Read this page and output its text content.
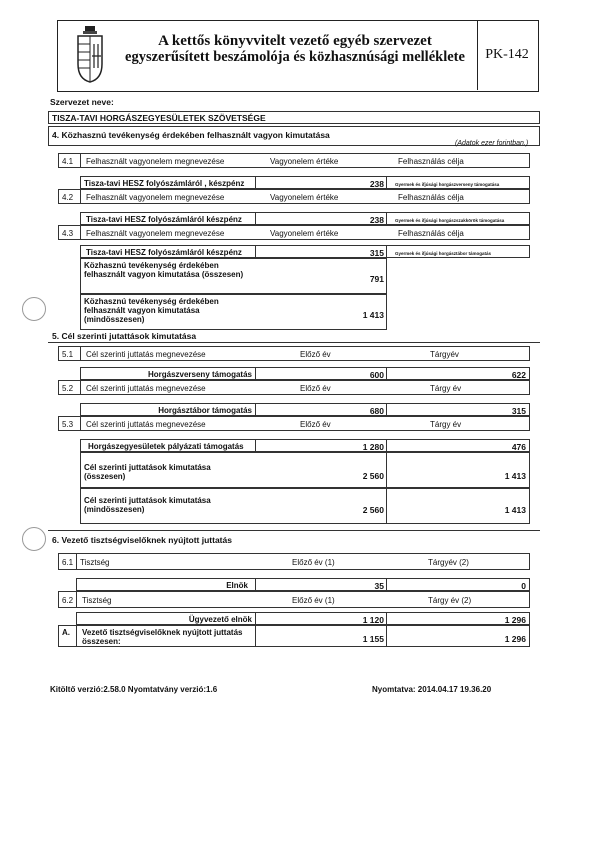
A kettős könyvvitelt vezető egyéb szervezet
egyszerűsített beszámolója és közhasznúsági melléklete	PK-142
Szervezet neve:
TISZA-TAVI HORGÁSZEGYESÜLETEK SZÖVETSÉGE
4. Közhasznú tevékenység érdekében felhasznált vagyon kimutatása
(Adatok ezer forintban.)
4.1 Felhasznált vagyonelem megnevezése	Vagyonelem értéke	Felhasználás célja
Tisza-tavi HESZ folyószámláról , készpénz	238 Gyermek és ifjúsági horgászverseny támogatása
4.2 Felhasznált vagyonelem megnevezése	Vagyonelem értéke	Felhasználás célja
Tisza-tavi HESZ folyószámláról készpénz	238 Gyermek és ifjúsági horgászszakkörök támogatása
4.3 Felhasznált vagyonelem megnevezése	Vagyonelem értéke	Felhasználás célja
Tisza-tavi HESZ folyószámláról készpénz	315 Gyermek és ifjúsági horgásztábor támogatás
Közhasznú tevékenység érdekében felhasznált vagyon kimutatása (összesen)	791
Közhasznú tevékenység érdekében felhasznált vagyon kimutatása (mindösszesen)	1 413
5. Cél szerinti jutattások kimutatása
5.1 Cél szerinti juttatás megnevezése	Előző év	Tárgyév
Horgászverseny támogatás	600	622
5.2 Cél szerinti juttatás megnevezése	Előző év	Tárgy év
Horgásztábor támogatás	680	315
5.3 Cél szerinti juttatás megnevezése	Előző év	Tárgy év
Horgászegyesületek pályázati támogatás	1 280	476
Cél szerinti juttatások kimutatása (összesen)	2 560	1 413
Cél szerinti juttatások kimutatása (mindösszesen)	2 560	1 413
6. Vezető tisztségviselőknek nyújtott juttatás
6.1 Tisztség	Előző év (1)	Tárgyév (2)
Elnök	35	0
6.2 Tisztség	Előző év (1)	Tárgy év (2)
Ügyvezető elnök	1 120	1 296
A. Vezető tisztségviselőknek nyújtott juttatás összesen:	1 155	1 296
Kitöltő verzió:2.58.0 Nyomtatvány verzió:1.6	Nyomtatva: 2014.04.17 19.36.20
